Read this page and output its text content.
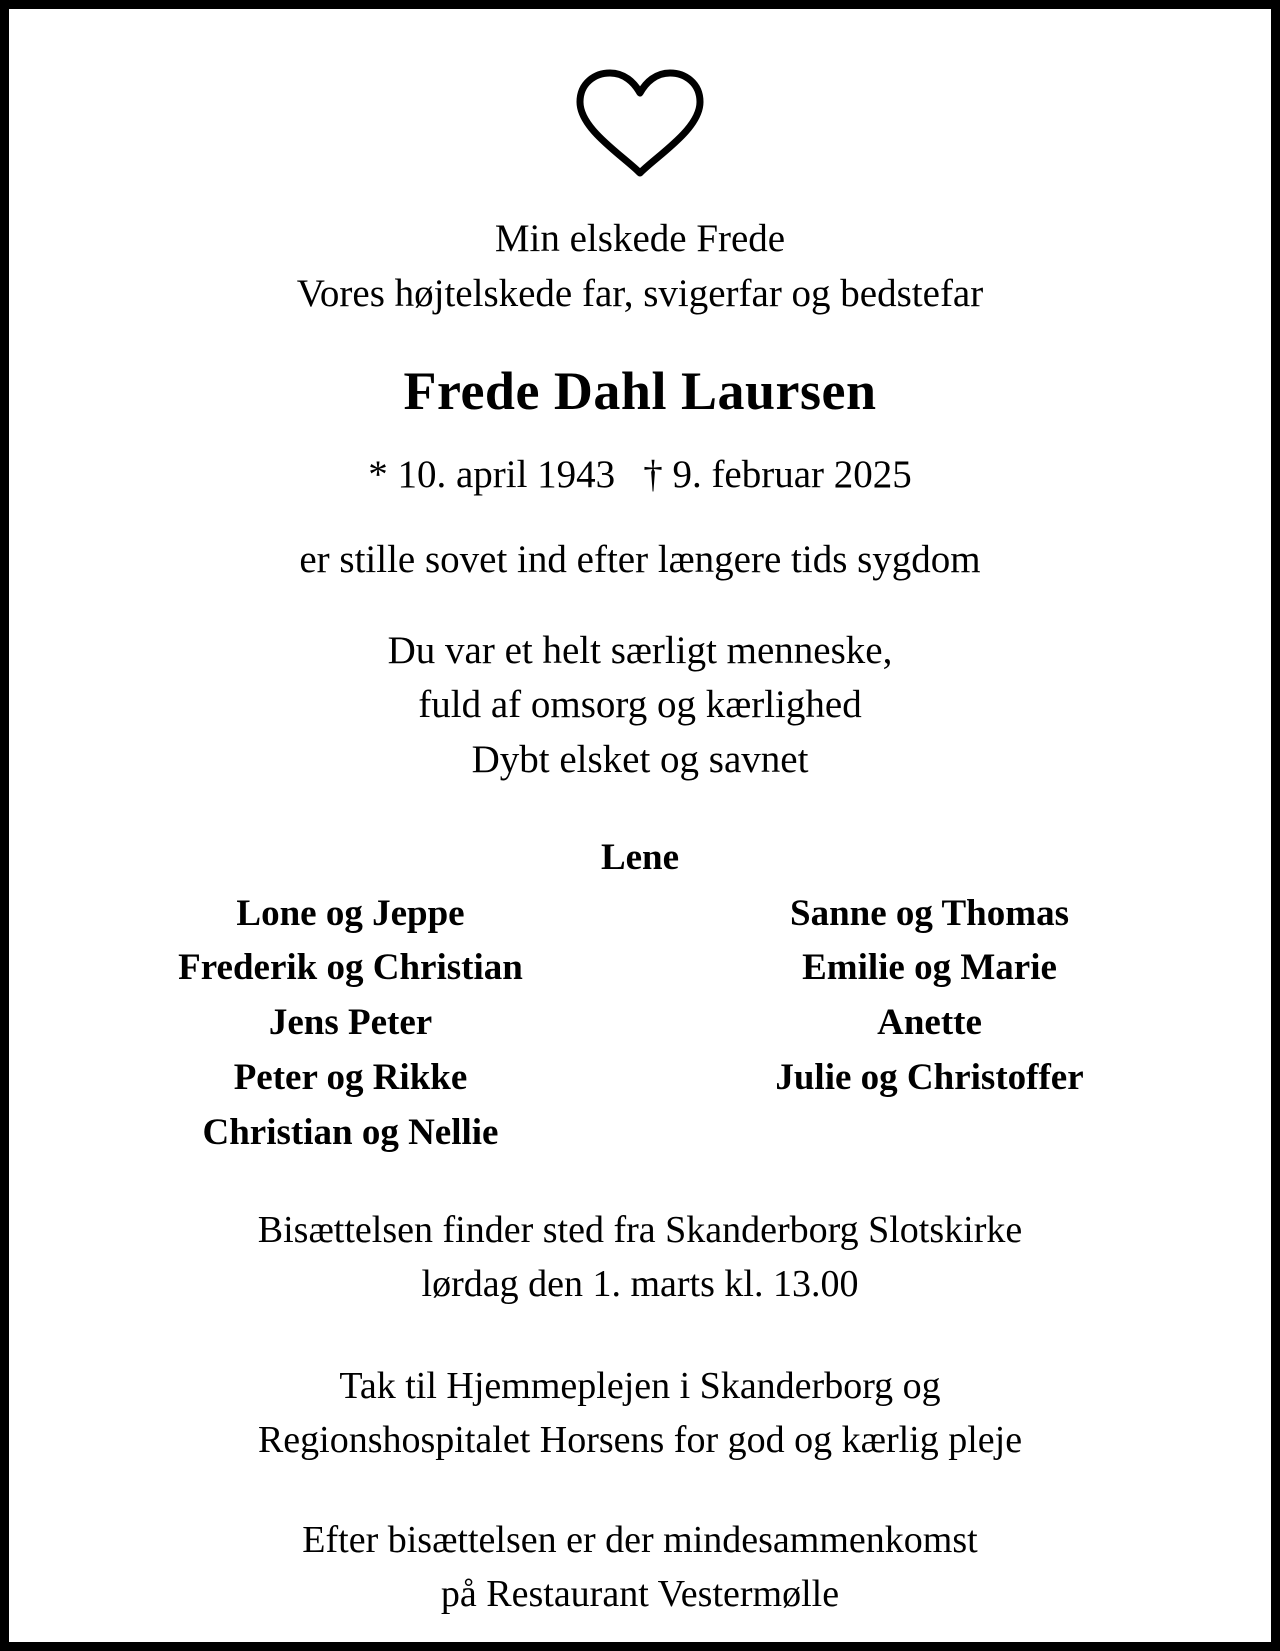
Min elskede Frede
Vores højtelskede far, svigerfar og bedstefar
Frede Dahl Laursen
* 10. april 1943 † 9. februar 2025
er stille sovet ind efter længere tids sygdom
Du var et helt særligt menneske,
fuld af omsorg og kærlighed
Dybt elsket og savnet
Lene
Lone og Jeppe
Frederik og Christian
Jens Peter
Peter og Rikke
Christian og Nellie
Sanne og Thomas
Emilie og Marie
Anette
Julie og Christoffer
Bisættelsen finder sted fra Skanderborg Slotskirke
lørdag den 1. marts kl. 13.00
Tak til Hjemmeplejen i Skanderborg og
Regionshospitalet Horsens for god og kærlig pleje
Efter bisættelsen er der mindesammenkomst
på Restaurant Vestermølle
